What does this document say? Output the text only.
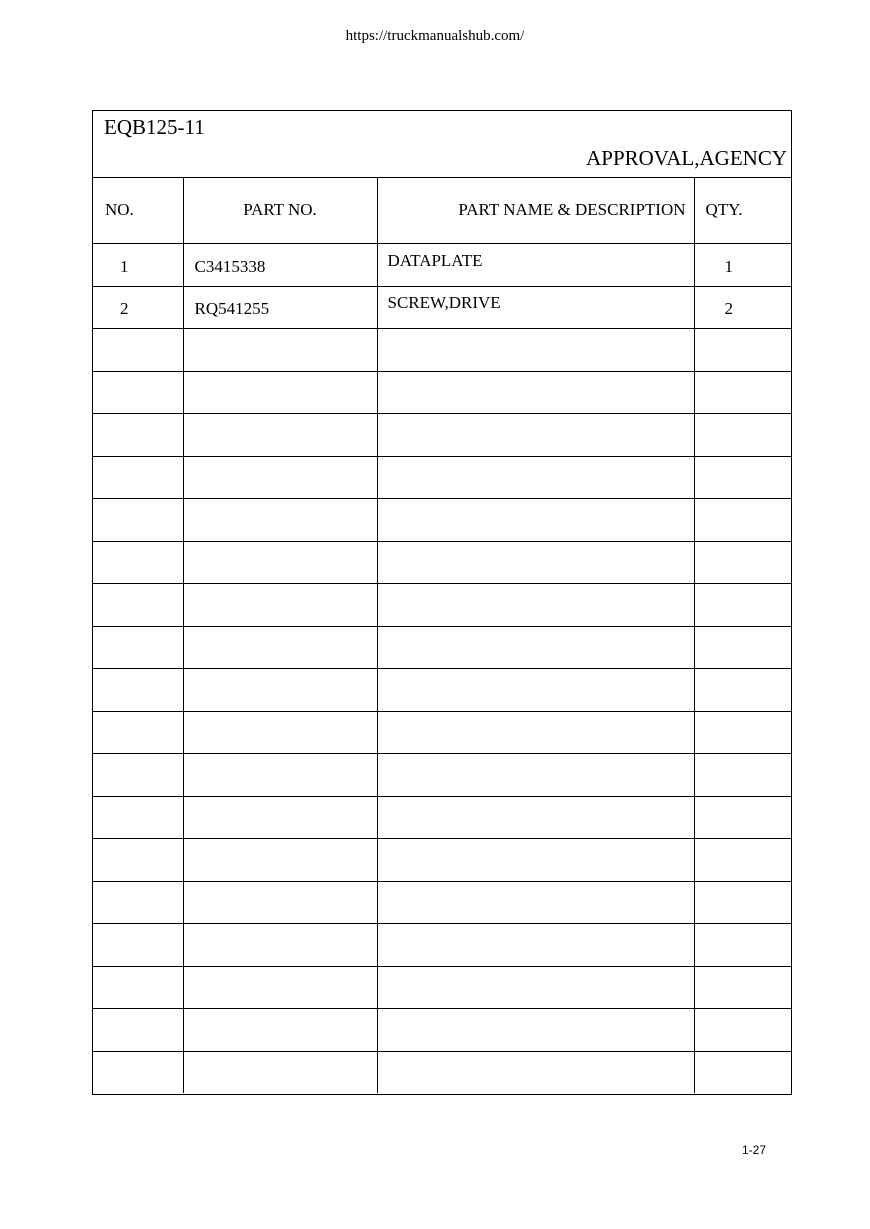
https://truckmanualshub.com/
EQB125-11
APPROVAL,AGENCY
NO.	PART NO.	PART NAME & DESCRIPTION	QTY.
1	C3415338	DATAPLATE	1
2	RQ541255	SCREW,DRIVE	2

1-27
